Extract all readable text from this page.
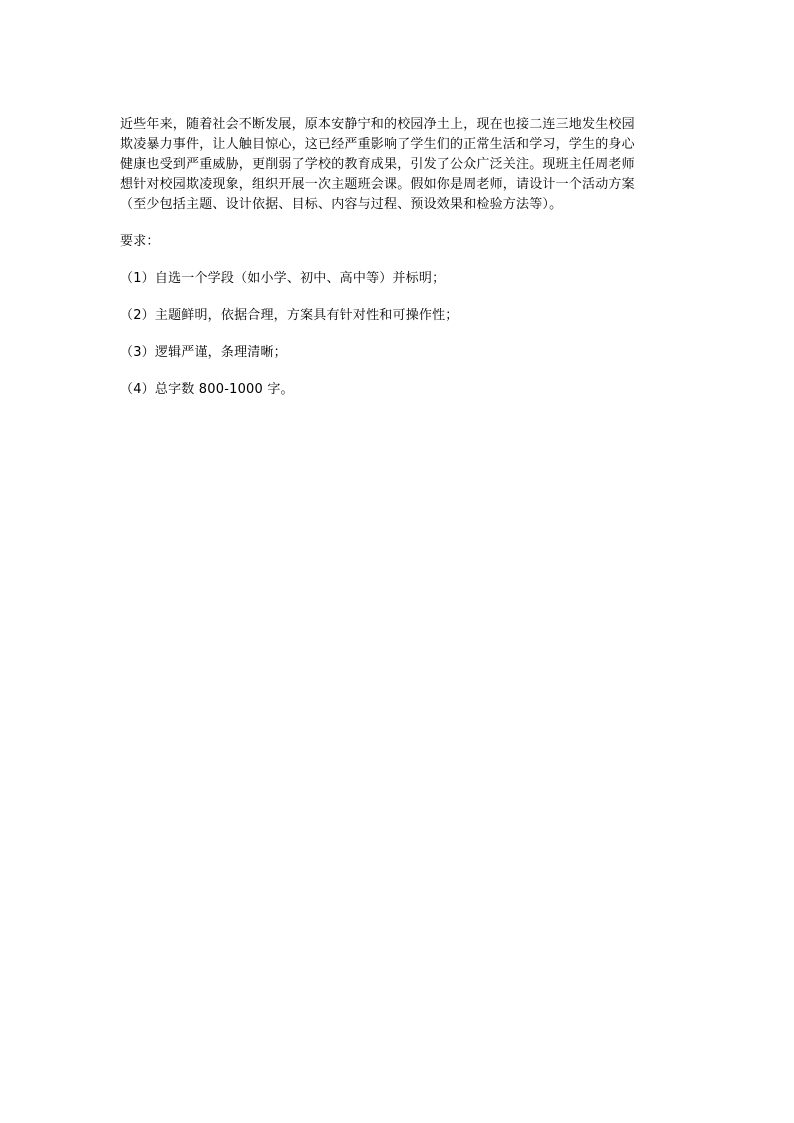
近些年来，随着社会不断发展，原本安静宁和的校园净土上，现在也接二连三地发生校园
欺凌暴力事件，让人触目惊心，这已经严重影响了学生们的正常生活和学习，学生的身心
健康也受到严重威胁，更削弱了学校的教育成果，引发了公众广泛关注。现班主任周老师
想针对校园欺凌现象，组织开展一次主题班会课。假如你是周老师，请设计一个活动方案
（至少包括主题、设计依据、目标、内容与过程、预设效果和检验方法等）。

要求：

（1）自选一个学段（如小学、初中、高中等）并标明；

（2）主题鲜明，依据合理，方案具有针对性和可操作性；

（3）逻辑严谨，条理清晰；

（4）总字数 800-1000 字。
